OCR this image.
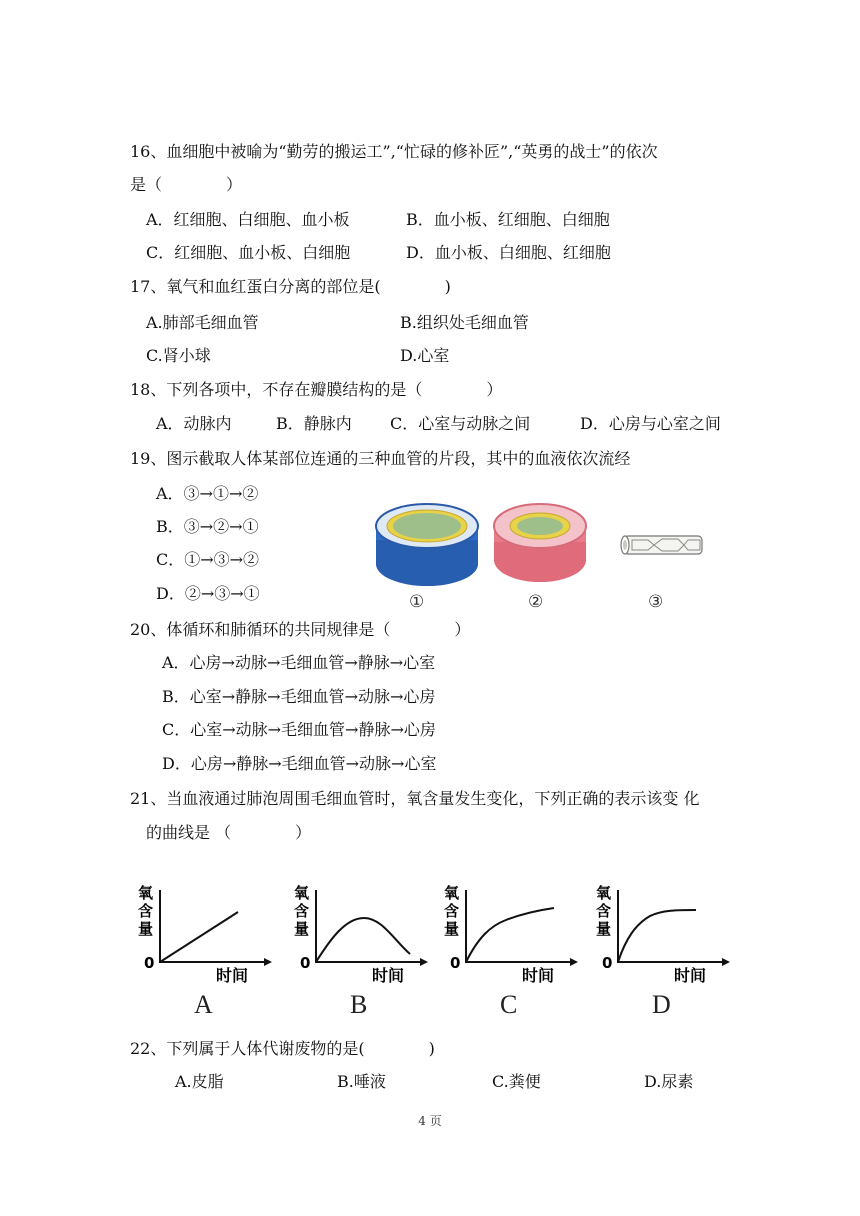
16、血细胞中被喻为“勤劳的搬运工”,“忙碌的修补匠”,“英勇的战士”的依次
是（　　　　）
A．红细胞、白细胞、血小板	B．血小板、红细胞、白细胞
C．红细胞、血小板、白细胞	D．血小板、白细胞、红细胞
17、氧气和血红蛋白分离的部位是(　　　　)
A.肺部毛细血管	B.组织处毛细血管
C.肾小球	D.心室
18、下列各项中，不存在瓣膜结构的是（　　　　）
A．动脉内	B．静脉内 C．心室与动脉之间	D．心房与心室之间
19、图示截取人体某部位连通的三种血管的片段，其中的血液依次流经
A．③→①→②
B．③→②→①
C．①→③→②
D．②→③→①	①	②	③
20、体循环和肺循环的共同规律是（　　　　）
A．心房→动脉→毛细血管→静脉→心室
B．心室→静脉→毛细血管→动脉→心房
C．心室→动脉→毛细血管→静脉→心房
D．心房→静脉→毛细血管→动脉→心室
21、当血液通过肺泡周围毛细血管时，氧含量发生变化，下列正确的表示该变 化
的曲线是 （　　　　）
氧
含
量
0
时间
A
氧
含
量
0
时间
B
氧
含
量
0
时间
C
氧
含
量
0
时间
D
22、下列属于人体代谢废物的是(　　　　)
A.皮脂	B.唾液	C.粪便	D.尿素
4 页
